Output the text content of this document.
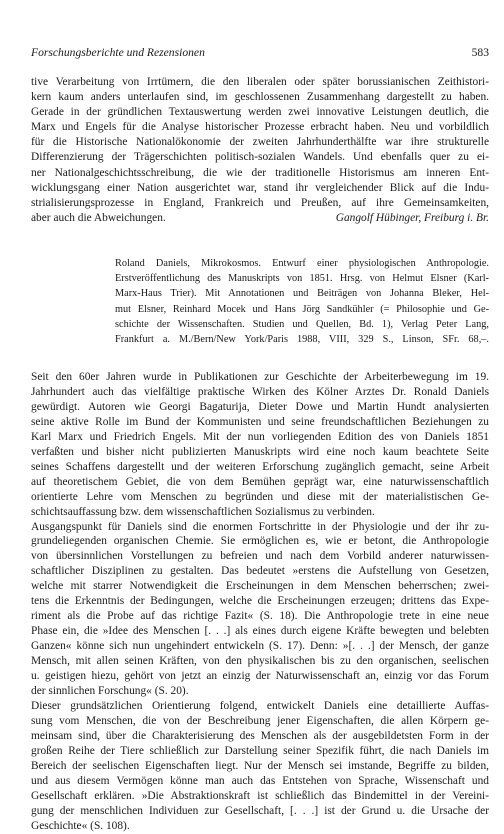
Forschungsberichte und Rezensionen	583
tive Verarbeitung von Irrtümern, die den liberalen oder später borussianischen Zeithistori-
kern kaum anders unterlaufen sind, im geschlossenen Zusammenhang dargestellt zu haben.
Gerade in der gründlichen Textauswertung werden zwei innovative Leistungen deutlich, die
Marx und Engels für die Analyse historischer Prozesse erbracht haben. Neu und vorbildlich
für die Historische Nationalökonomie der zweiten Jahrhunderthälfte war ihre strukturelle
Differenzierung der Trägerschichten politisch-sozialen Wandels. Und ebenfalls quer zu ei-
ner Nationalgeschichtsschreibung, die wie der traditionelle Historismus am inneren Ent-
wicklungsgang einer Nation ausgerichtet war, stand ihr vergleichender Blick auf die Indu-
strialisierungsprozesse in England, Frankreich und Preußen, auf ihre Gemeinsamkeiten,
aber auch die Abweichungen.	Gangolf Hübinger, Freiburg i. Br.
Roland Daniels, Mikrokosmos. Entwurf einer physiologischen Anthropologie.
Erstveröffentlichung des Manuskripts von 1851. Hrsg. von Helmut Elsner (Karl-
Marx-Haus Trier). Mit Annotationen und Beiträgen von Johanna Bleker, Hel-
mut Elsner, Reinhard Mocek und Hans Jörg Sandkühler (= Philosophie und Ge-
schichte der Wissenschaften. Studien und Quellen, Bd. 1), Verlag Peter Lang,
Frankfurt a. M./Bern/New York/Paris 1988, VIII, 329 S., Linson, SFr. 68,–.
Seit den 60er Jahren wurde in Publikationen zur Geschichte der Arbeiterbewegung im 19.
Jahrhundert auch das vielfältige praktische Wirken des Kölner Arztes Dr. Ronald Daniels
gewürdigt. Autoren wie Georgi Bagaturija, Dieter Dowe und Martin Hundt analysierten
seine aktive Rolle im Bund der Kommunisten und seine freundschaftlichen Beziehungen zu
Karl Marx und Friedrich Engels. Mit der nun vorliegenden Edition des von Daniels 1851
verfaßten und bisher nicht publizierten Manuskripts wird eine noch kaum beachtete Seite
seines Schaffens dargestellt und der weiteren Erforschung zugänglich gemacht, seine Arbeit
auf theoretischem Gebiet, die von dem Bemühen geprägt war, eine naturwissenschaftlich
orientierte Lehre vom Menschen zu begründen und diese mit der materialistischen Ge-
schichtsauffassung bzw. dem wissenschaftlichen Sozialismus zu verbinden.
Ausgangspunkt für Daniels sind die enormen Fortschritte in der Physiologie und der ihr zu-
grundeliegenden organischen Chemie. Sie ermöglichen es, wie er betont, die Anthropologie
von übersinnlichen Vorstellungen zu befreien und nach dem Vorbild anderer naturwissen-
schaftlicher Disziplinen zu gestalten. Das bedeutet »erstens die Aufstellung von Gesetzen,
welche mit starrer Notwendigkeit die Erscheinungen in dem Menschen beherrschen; zwei-
tens die Erkenntnis der Bedingungen, welche die Erscheinungen erzeugen; drittens das Expe-
riment als die Probe auf das richtige Fazit« (S. 18). Die Anthropologie trete in eine neue
Phase ein, die »Idee des Menschen [. . .] als eines durch eigene Kräfte bewegten und belebten
Ganzen« könne sich nun ungehindert entwickeln (S. 17). Denn: »[. . .] der Mensch, der ganze
Mensch, mit allen seinen Kräften, von den physikalischen bis zu den organischen, seelischen
u. geistigen hiezu, gehört von jetzt an einzig der Naturwissenschaft an, einzig vor das Forum
der sinnlichen Forschung« (S. 20).
Dieser grundsätzlichen Orientierung folgend, entwickelt Daniels eine detaillierte Auffas-
sung vom Menschen, die von der Beschreibung jener Eigenschaften, die allen Körpern ge-
meinsam sind, über die Charakterisierung des Menschen als der ausgebildetsten Form in der
großen Reihe der Tiere schließlich zur Darstellung seiner Spezifik führt, die nach Daniels im
Bereich der seelischen Eigenschaften liegt. Nur der Mensch sei imstande, Begriffe zu bilden,
und aus diesem Vermögen könne man auch das Entstehen von Sprache, Wissenschaft und
Gesellschaft erklären. »Die Abstraktionskraft ist schließlich das Bindemittel in der Vereini-
gung der menschlichen Individuen zur Gesellschaft, [. . .] ist der Grund u. die Ursache der
Geschichte« (S. 108).
